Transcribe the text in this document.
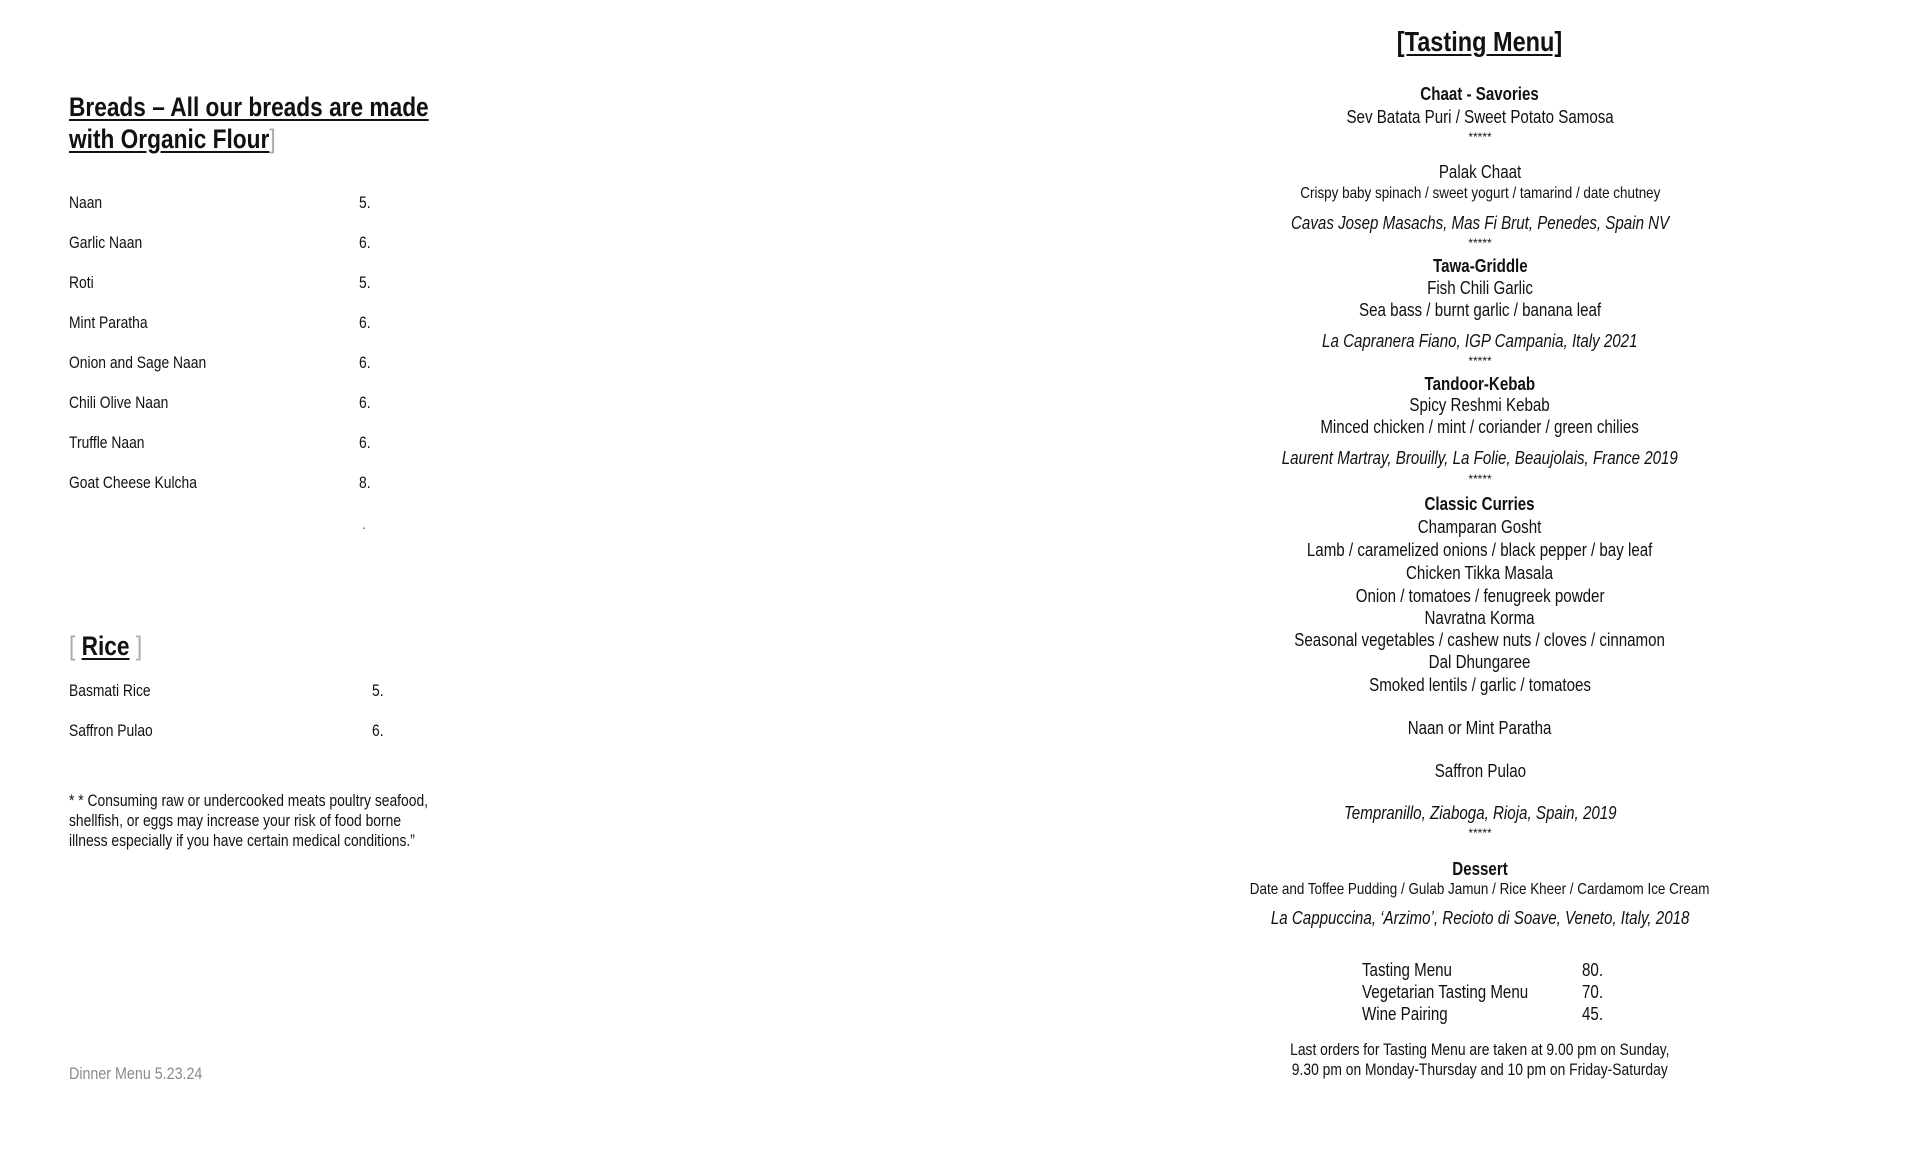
Breads – All our breads are made
with Organic Flour]
Naan	5.
Garlic Naan	6.
Roti	5.
Mint Paratha	6.
Onion and Sage Naan	6.
Chili Olive Naan	6.
Truffle Naan	6.
Goat Cheese Kulcha	8.
.
[ Rice ]
Basmati Rice	5.
Saffron Pulao	6.
* * Consuming raw or undercooked meats poultry seafood,
shellfish, or eggs may increase your risk of food borne
illness especially if you have certain medical conditions.”
Dinner Menu 5.23.24
[Tasting Menu]
Chaat - Savories
Sev Batata Puri / Sweet Potato Samosa
*****
Palak Chaat
Crispy baby spinach / sweet yogurt / tamarind / date chutney
Cavas Josep Masachs, Mas Fi Brut, Penedes, Spain NV
*****
Tawa-Griddle
Fish Chili Garlic
Sea bass / burnt garlic / banana leaf
La Capranera Fiano, IGP Campania, Italy 2021
*****
Tandoor-Kebab
Spicy Reshmi Kebab
Minced chicken / mint / coriander / green chilies
Laurent Martray, Brouilly, La Folie, Beaujolais, France 2019
*****
Classic Curries
Champaran Gosht
Lamb / caramelized onions / black pepper / bay leaf
Chicken Tikka Masala
Onion / tomatoes / fenugreek powder
Navratna Korma
Seasonal vegetables / cashew nuts / cloves / cinnamon
Dal Dhungaree
Smoked lentils / garlic / tomatoes
Naan or Mint Paratha
Saffron Pulao
Tempranillo, Ziaboga, Rioja, Spain, 2019
*****
Dessert
Date and Toffee Pudding / Gulab Jamun / Rice Kheer / Cardamom Ice Cream
La Cappuccina, ‘Arzimo’, Recioto di Soave, Veneto, Italy, 2018
Tasting Menu	80.
Vegetarian Tasting Menu	70.
Wine Pairing	45.
Last orders for Tasting Menu are taken at 9.00 pm on Sunday,
9.30 pm on Monday-Thursday and 10 pm on Friday-Saturday
